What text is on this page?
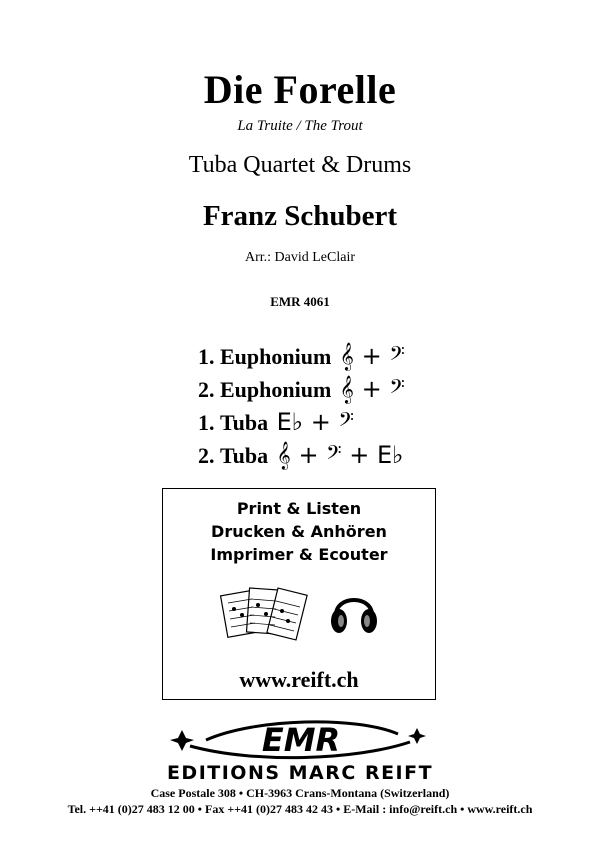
Die Forelle
La Truite / The Trout
Tuba Quartet & Drums
Franz Schubert
Arr.: David LeClair
EMR 4061
1.
Euphonium
𝄞 + 𝄢
2.
Euphonium
𝄞 + 𝄢
1.
Tuba
E♭ + 𝄢
2.
Tuba
𝄞 + 𝄢 + E♭
Print & Listen
Drucken & Anhören
Imprimer & Ecouter
www.reift.ch
EMR
EDITIONS MARC REIFT
Case Postale 308 • CH-3963 Crans-Montana (Switzerland)
Tel. ++41 (0)27 483 12 00 • Fax ++41 (0)27 483 42 43 • E-Mail : info@reift.ch • www.reift.ch
